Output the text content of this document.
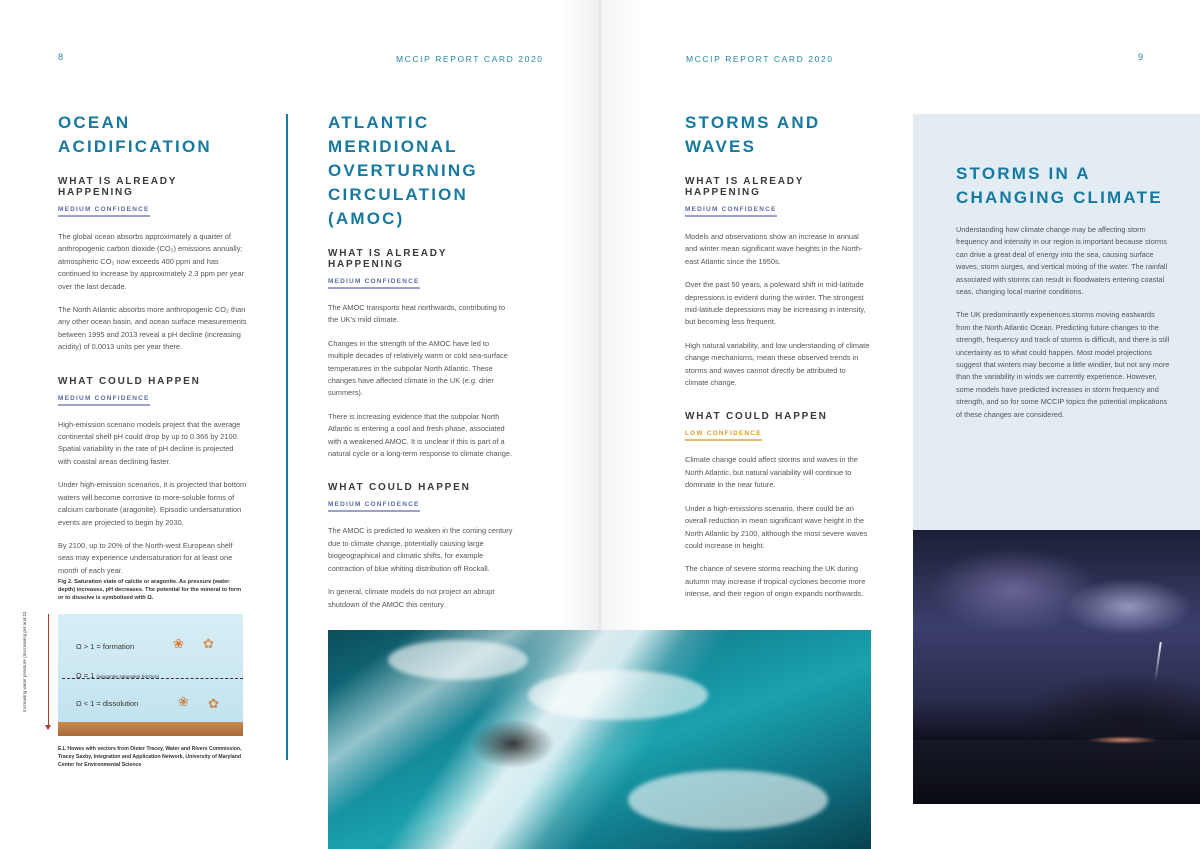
8	MCCIP REPORT CARD 2020
OCEAN
ACIDIFICATION

WHAT IS ALREADY HAPPENING

MEDIUM CONFIDENCE

The global ocean absorbs approximately a quarter of anthropogenic carbon dioxide (CO₂) emissions annually; atmospheric CO₂ now exceeds 400 ppm and has continued to increase by approximately 2.3 ppm per year over the last decade.

The North Atlantic absorbs more anthropogenic CO₂ than any other ocean basin, and ocean surface measurements between 1995 and 2013 reveal a pH decline (increasing acidity) of 0.0013 units per year there.

WHAT COULD HAPPEN

MEDIUM CONFIDENCE

High-emission scenario models project that the average continental shelf pH could drop by up to 0.366 by 2100. Spatial variability in the rate of pH decline is projected with coastal areas declining faster.

Under high-emission scenarios, it is projected that bottom waters will become corrosive to more-soluble forms of calcium carbonate (aragonite). Episodic undersaturation events are projected to begin by 2030.

By 2100, up to 20% of the North-west European shelf seas may experience undersaturation for at least one month of each year.

Fig 2. Saturation state of calcite or aragonite. As pressure (water depth) increases, pH decreases. The potential for the mineral to form or to dissolve is symbolised with Ω.
Increasing water pressure (decreasing pH and Ω)	Ω > 1 = formation	❀ ✿
Ω = 1 (aragonite saturation horizon)
Ω < 1 = dissolution	❀ ✿
E.L Howes with vectors from Dieter Tracey, Water and Rivers Commission, Tracey Saxby, Integration and Application Network, University of Maryland Center for Environmental Science
ATLANTIC
MERIDIONAL
OVERTURNING
CIRCULATION
(AMOC)

WHAT IS ALREADY HAPPENING

MEDIUM CONFIDENCE

The AMOC transports heat northwards, contributing to the UK's mild climate.

Changes in the strength of the AMOC have led to multiple decades of relatively warm or cold sea-surface temperatures in the subpolar North Atlantic. These changes have affected climate in the UK (e.g. drier summers).

There is increasing evidence that the subpolar North Atlantic is entering a cool and fresh phase, associated with a weakened AMOC. It is unclear if this is part of a natural cycle or a long-term response to climate change.

WHAT COULD HAPPEN

MEDIUM CONFIDENCE

The AMOC is predicted to weaken in the coming century due to climate change, potentially causing large biogeographical and climatic shifts, for example contraction of blue whiting distribution off Rockall.

In general, climate models do not project an abrupt shutdown of the AMOC this century.

MCCIP REPORT CARD 2020	9
STORMS AND
WAVES

WHAT IS ALREADY HAPPENING

MEDIUM CONFIDENCE

Models and observations show an increase in annual and winter mean significant wave heights in the North-east Atlantic since the 1950s.

Over the past 50 years, a poleward shift in mid-latitude depressions is evident during the winter. The strongest mid-latitude depressions may be increasing in intensity, but becoming less frequent.

High natural variability, and low understanding of climate change mechanisms, mean these observed trends in storms and waves cannot directly be attributed to climate change.

WHAT COULD HAPPEN

LOW CONFIDENCE

Climate change could affect storms and waves in the North Atlantic, but natural variability will continue to dominate in the near future.

Under a high-emissions scenario, there could be an overall reduction in mean significant wave height in the North Atlantic by 2100, although the most severe waves could increase in height.

The chance of severe storms reaching the UK during autumn may increase if tropical cyclones become more intense, and their region of origin expands northwards.

STORMS IN A
CHANGING CLIMATE

Understanding how climate change may be affecting storm frequency and intensity in our region is important because storms can drive a great deal of energy into the sea, causing surface waves, storm surges, and vertical mixing of the water. The rainfall associated with storms can result in floodwaters entering coastal seas, changing local marine conditions.

The UK predominantly experiences storms moving eastwards from the North Atlantic Ocean. Predicting future changes to the strength, frequency and track of storms is difficult, and there is still uncertainty as to what could happen. Most model projections suggest that winters may become a little windier, but not any more than the variability in winds we currently experience. However, some models have predicted increases in storm frequency and strength, and so for some MCCIP topics the potential implications of these changes are considered.
